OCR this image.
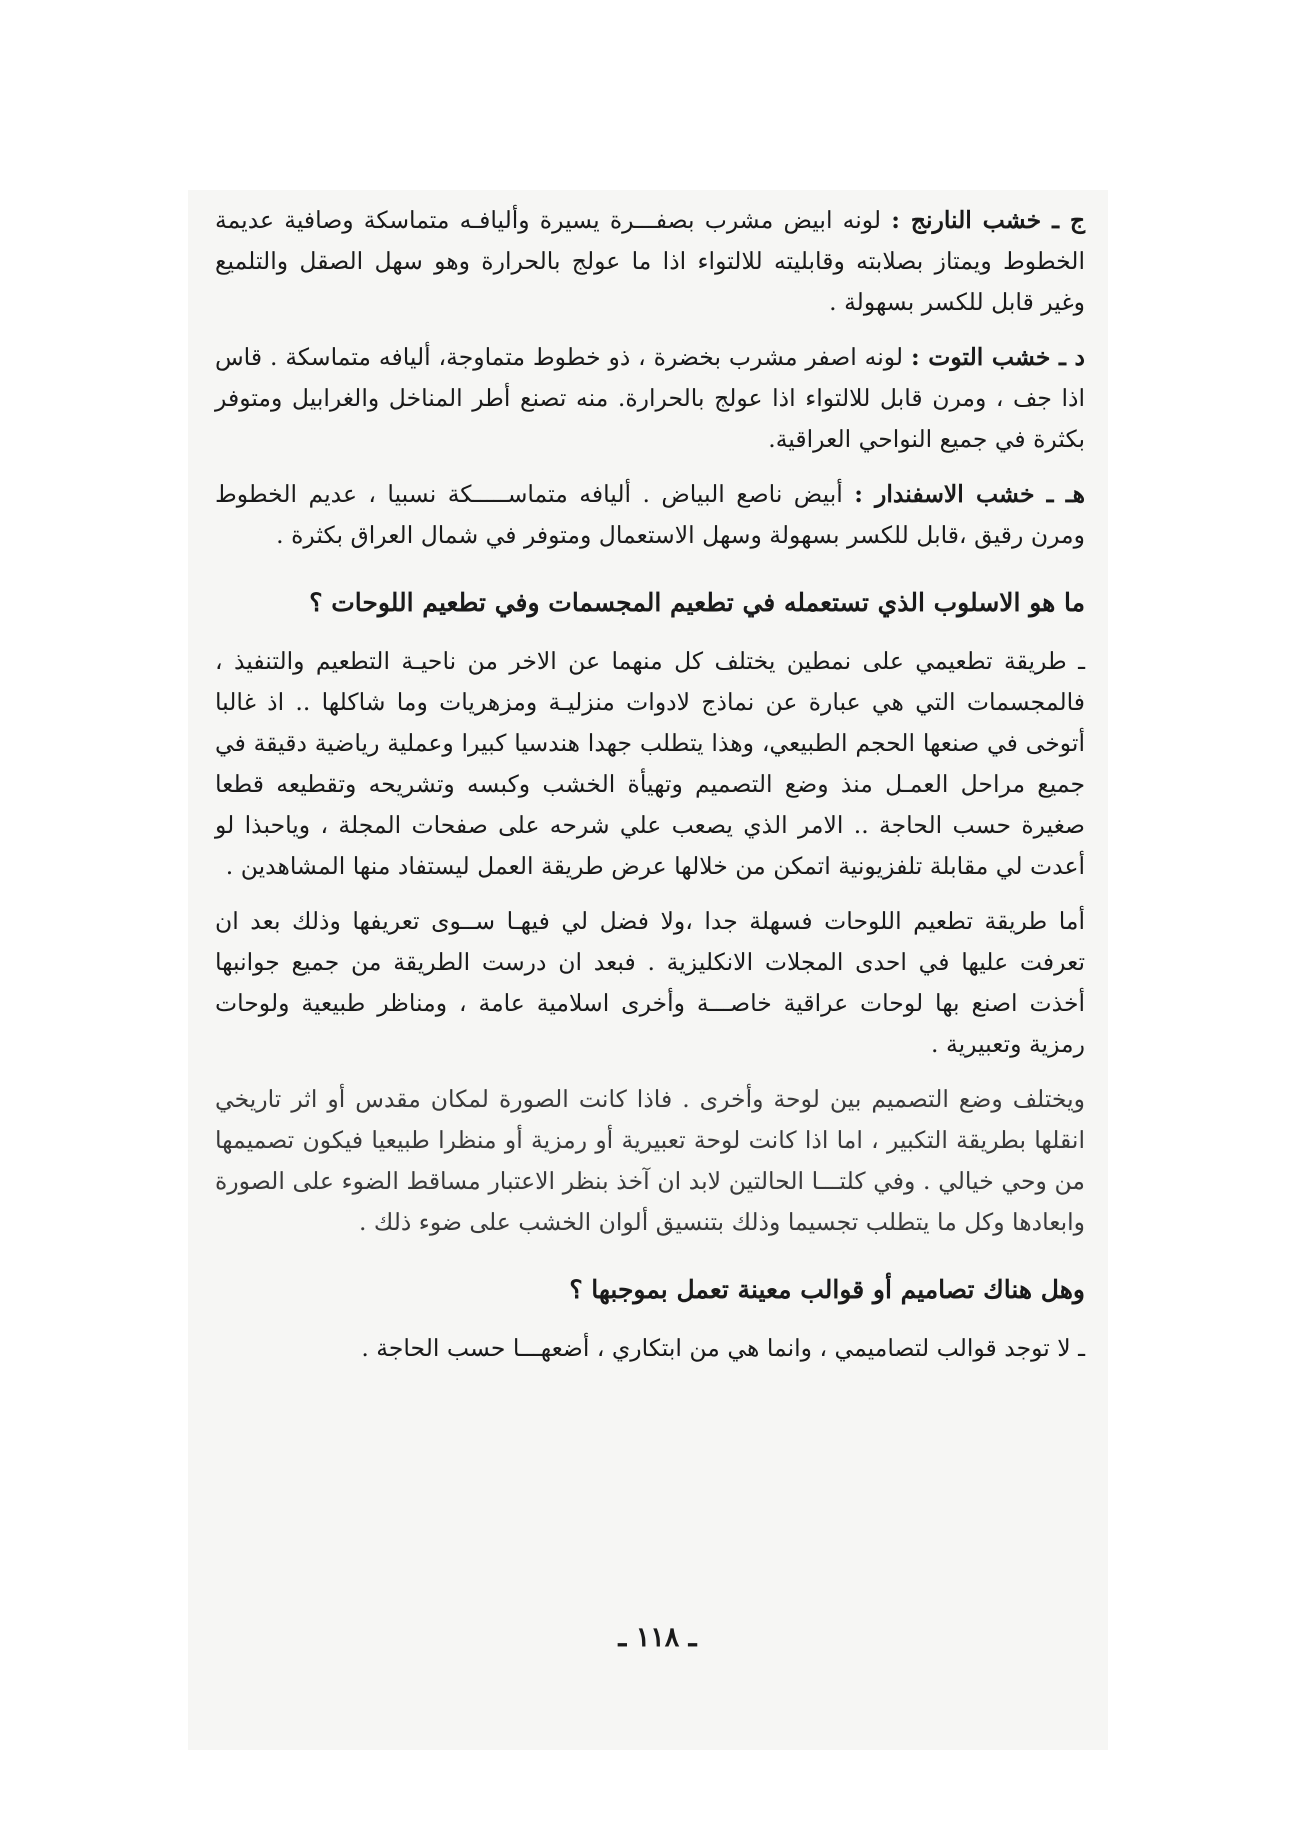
ج ـ خشب النارنج : لونه ابيض مشرب بصفـــرة يسيرة وأليافـه متماسكة وصافية عديمة الخطوط ويمتاز بصلابته وقابليته للالتواء اذا ما عولج بالحرارة وهو سهل الصقل والتلميع وغير قابل للكسر بسهولة .

د ـ خشب التوت : لونه اصفر مشرب بخضرة ، ذو خطوط متماوجة، أليافه متماسكة . قاس اذا جف ، ومرن قابل للالتواء اذا عولج بالحرارة. منه تصنع أطر المناخل والغرابيل ومتوفر بكثرة في جميع النواحي العراقية.

هـ ـ خشب الاسفندار : أبيض ناصع البياض . أليافه متماســـــكة نسبيا ، عديم الخطوط ومرن رقيق ،قابل للكسر بسهولة وسهل الاستعمال ومتوفر في شمال العراق بكثرة .

ما هو الاسلوب الذي تستعمله في تطعيم المجسمات وفي تطعيم اللوحات ؟

ـ طريقة تطعيمي على نمطين يختلف كل منهما عن الاخر من ناحيـة التطعيم والتنفيذ ، فالمجسمات التي هي عبارة عن نماذج لادوات منزليـة ومزهريات وما شاكلها .. اذ غالبا أتوخى في صنعها الحجم الطبيعي، وهذا يتطلب جهدا هندسيا كبيرا وعملية رياضية دقيقة في جميع مراحل العمـل منذ وضع التصميم وتهيأة الخشب وكبسه وتشريحه وتقطيعه قطعا صغيرة حسب الحاجة .. الامر الذي يصعب علي شرحه على صفحات المجلة ، وياحبذا لو أعدت لي مقابلة تلفزيونية اتمكن من خلالها عرض طريقة العمل ليستفاد منها المشاهدين .

أما طريقة تطعيم اللوحات فسهلة جدا ،ولا فضل لي فيهـا ســوى تعريفها وذلك بعد ان تعرفت عليها في احدى المجلات الانكليزية . فبعد ان درست الطريقة من جميع جوانبها أخذت اصنع بها لوحات عراقية خاصـــة وأخرى اسلامية عامة ، ومناظر طبيعية ولوحات رمزية وتعبيرية .

ويختلف وضع التصميم بين لوحة وأخرى . فاذا كانت الصورة لمكان مقدس أو اثر تاريخي انقلها بطريقة التكبير ، اما اذا كانت لوحة تعبيرية أو رمزية أو منظرا طبيعيا فيكون تصميمها من وحي خيالي . وفي كلتـــا الحالتين لابد ان آخذ بنظر الاعتبار مساقط الضوء على الصورة وابعادها وكل ما يتطلب تجسيما وذلك بتنسيق ألوان الخشب على ضوء ذلك .

وهل هناك تصاميم أو قوالب معينة تعمل بموجبها ؟

ـ لا توجد قوالب لتصاميمي ، وانما هي من ابتكاري ، أضعهـــا حسب الحاجة .

ـ ١١٨ ـ
